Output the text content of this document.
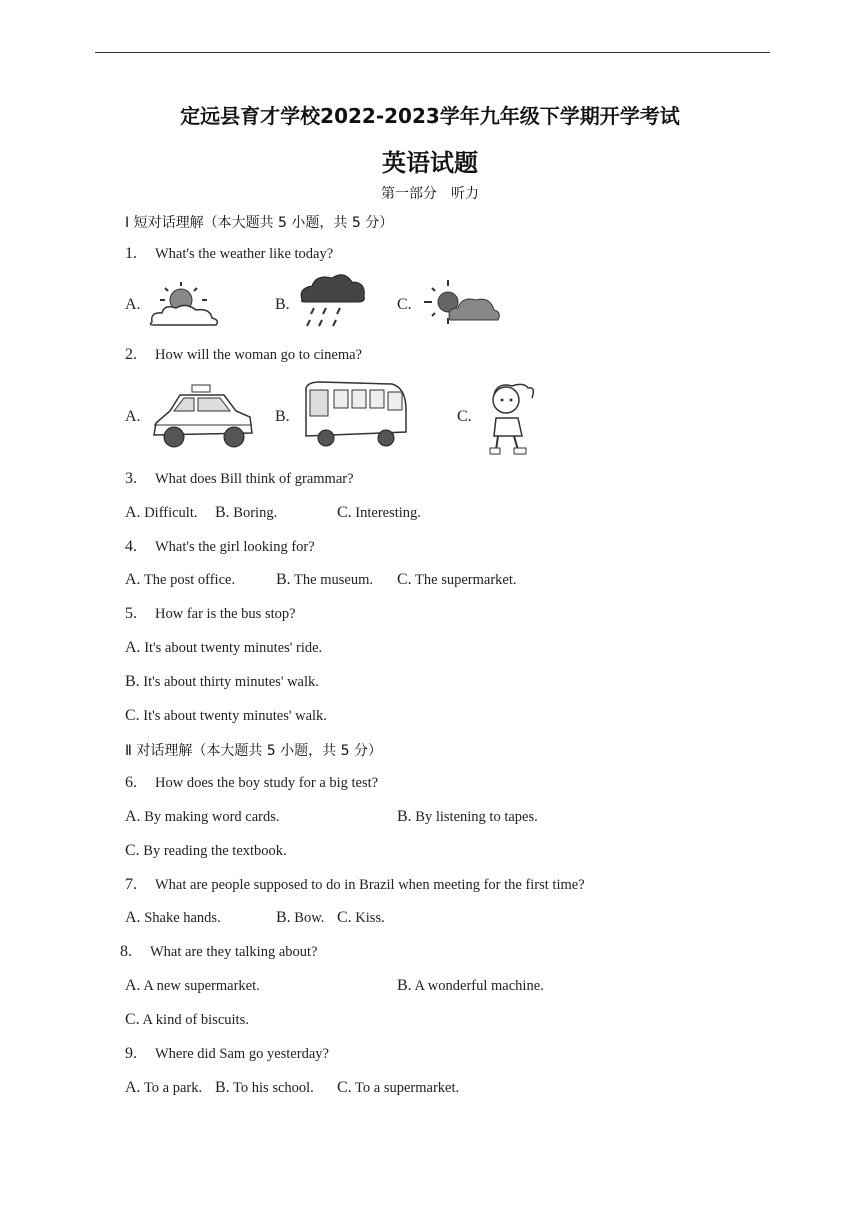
定远县育才学校2022-2023学年九年级下学期开学考试
英语试题
第一部分　听力
Ⅰ 短对话理解（本大题共 5 小题，共 5 分）
1. What's the weather like today?
A.	B.	C.
2. How will the woman go to cinema?
A.	B.	C.
3. What does Bill think of grammar?
A. Difficult. B. Boring.	C. Interesting.
4. What's the girl looking for?
A. The post office.	B. The museum. C. The supermarket.
5. How far is the bus stop?
A. It's about twenty minutes' ride.
B. It's about thirty minutes' walk.
C. It's about twenty minutes' walk.
Ⅱ 对话理解（本大题共 5 小题，共 5 分）
6. How does the boy study for a big test?
A. By making word cards.	B. By listening to tapes.
C. By reading the textbook.
7. What are people supposed to do in Brazil when meeting for the first time?
A. Shake hands.	B. Bow. C. Kiss.
8. What are they talking about?
A. A new supermarket.	B. A wonderful machine.
C. A kind of biscuits.
9. Where did Sam go yesterday?
A. To a park. B. To his school. C. To a supermarket.
